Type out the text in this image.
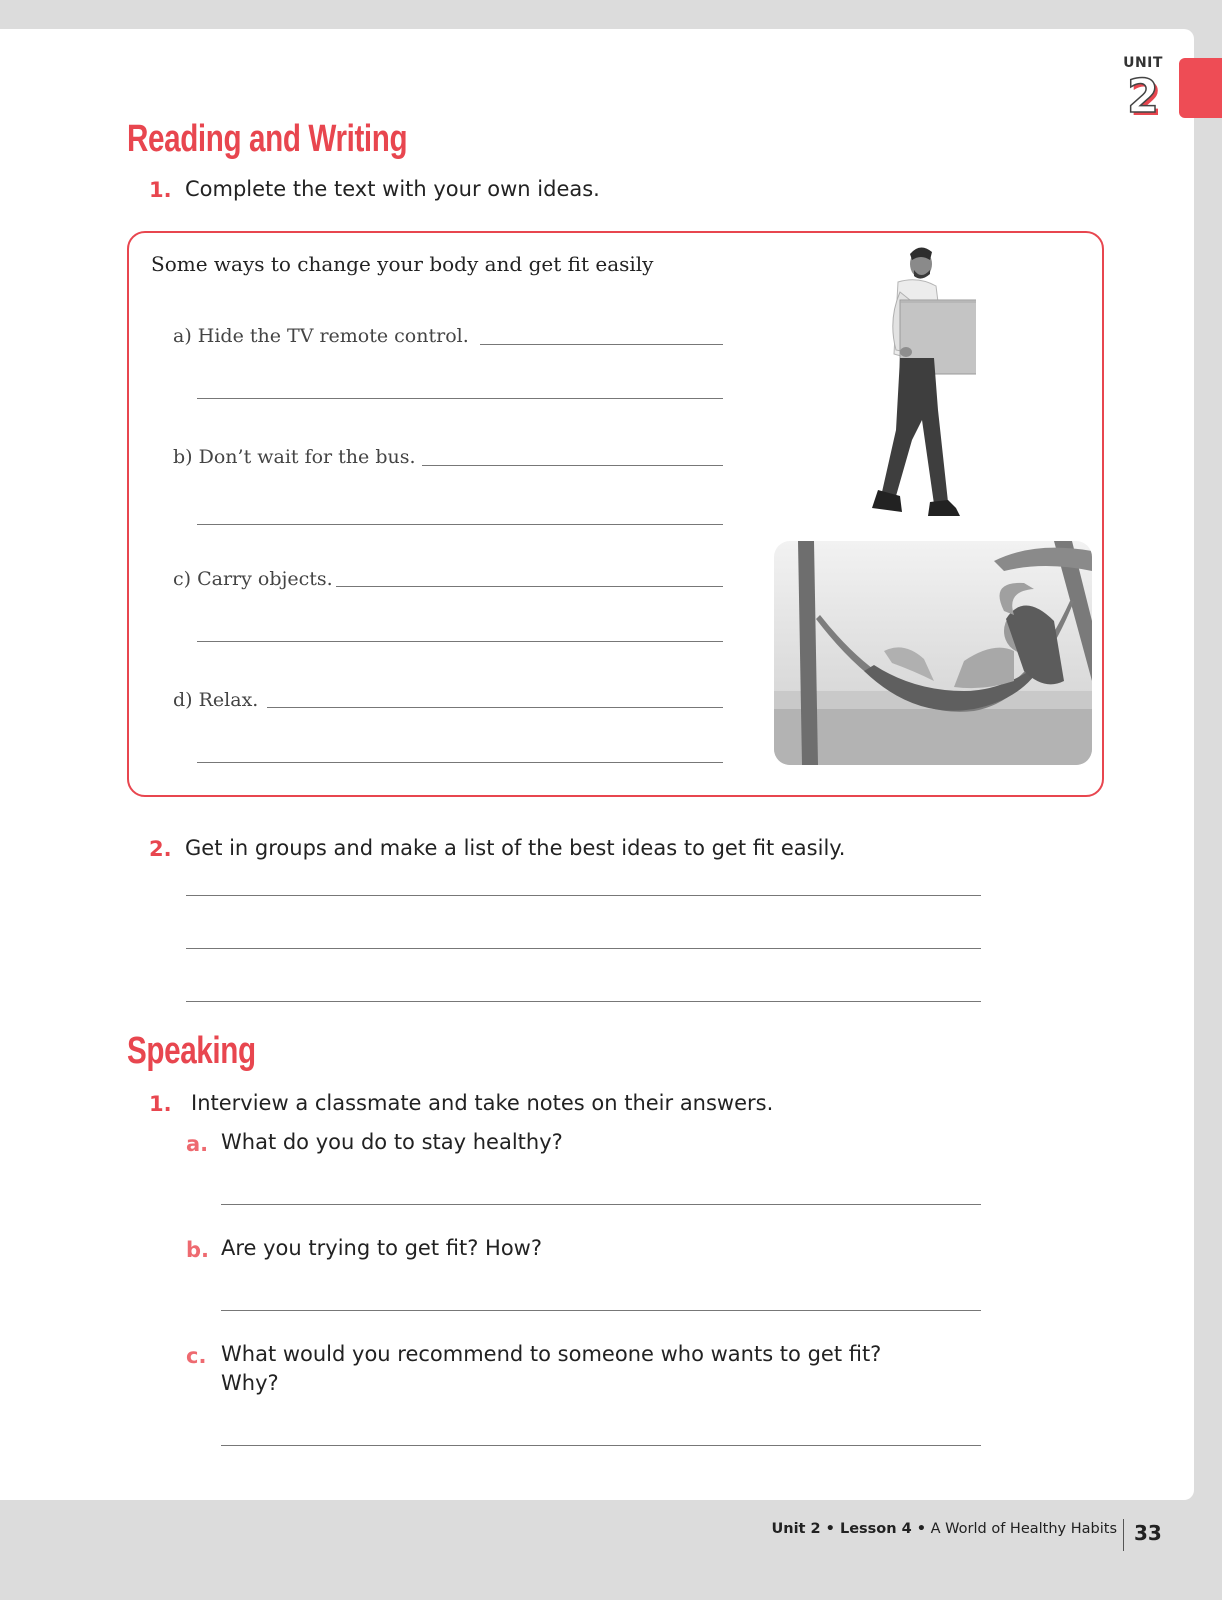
UNIT
2
Reading and Writing
1. Complete the text with your own ideas.
Some ways to change your body and get fit easily
a) Hide the TV remote control.
b) Don’t wait for the bus.
c) Carry objects.
d) Relax.
2. Get in groups and make a list of the best ideas to get fit easily.
Speaking
1. Interview a classmate and take notes on their answers.
a. What do you do to stay healthy?
b. Are you trying to get fit? How?
c. What would you recommend to someone who wants to get fit?
Why?
Unit 2 • Lesson 4 • A World of Healthy Habits 33
